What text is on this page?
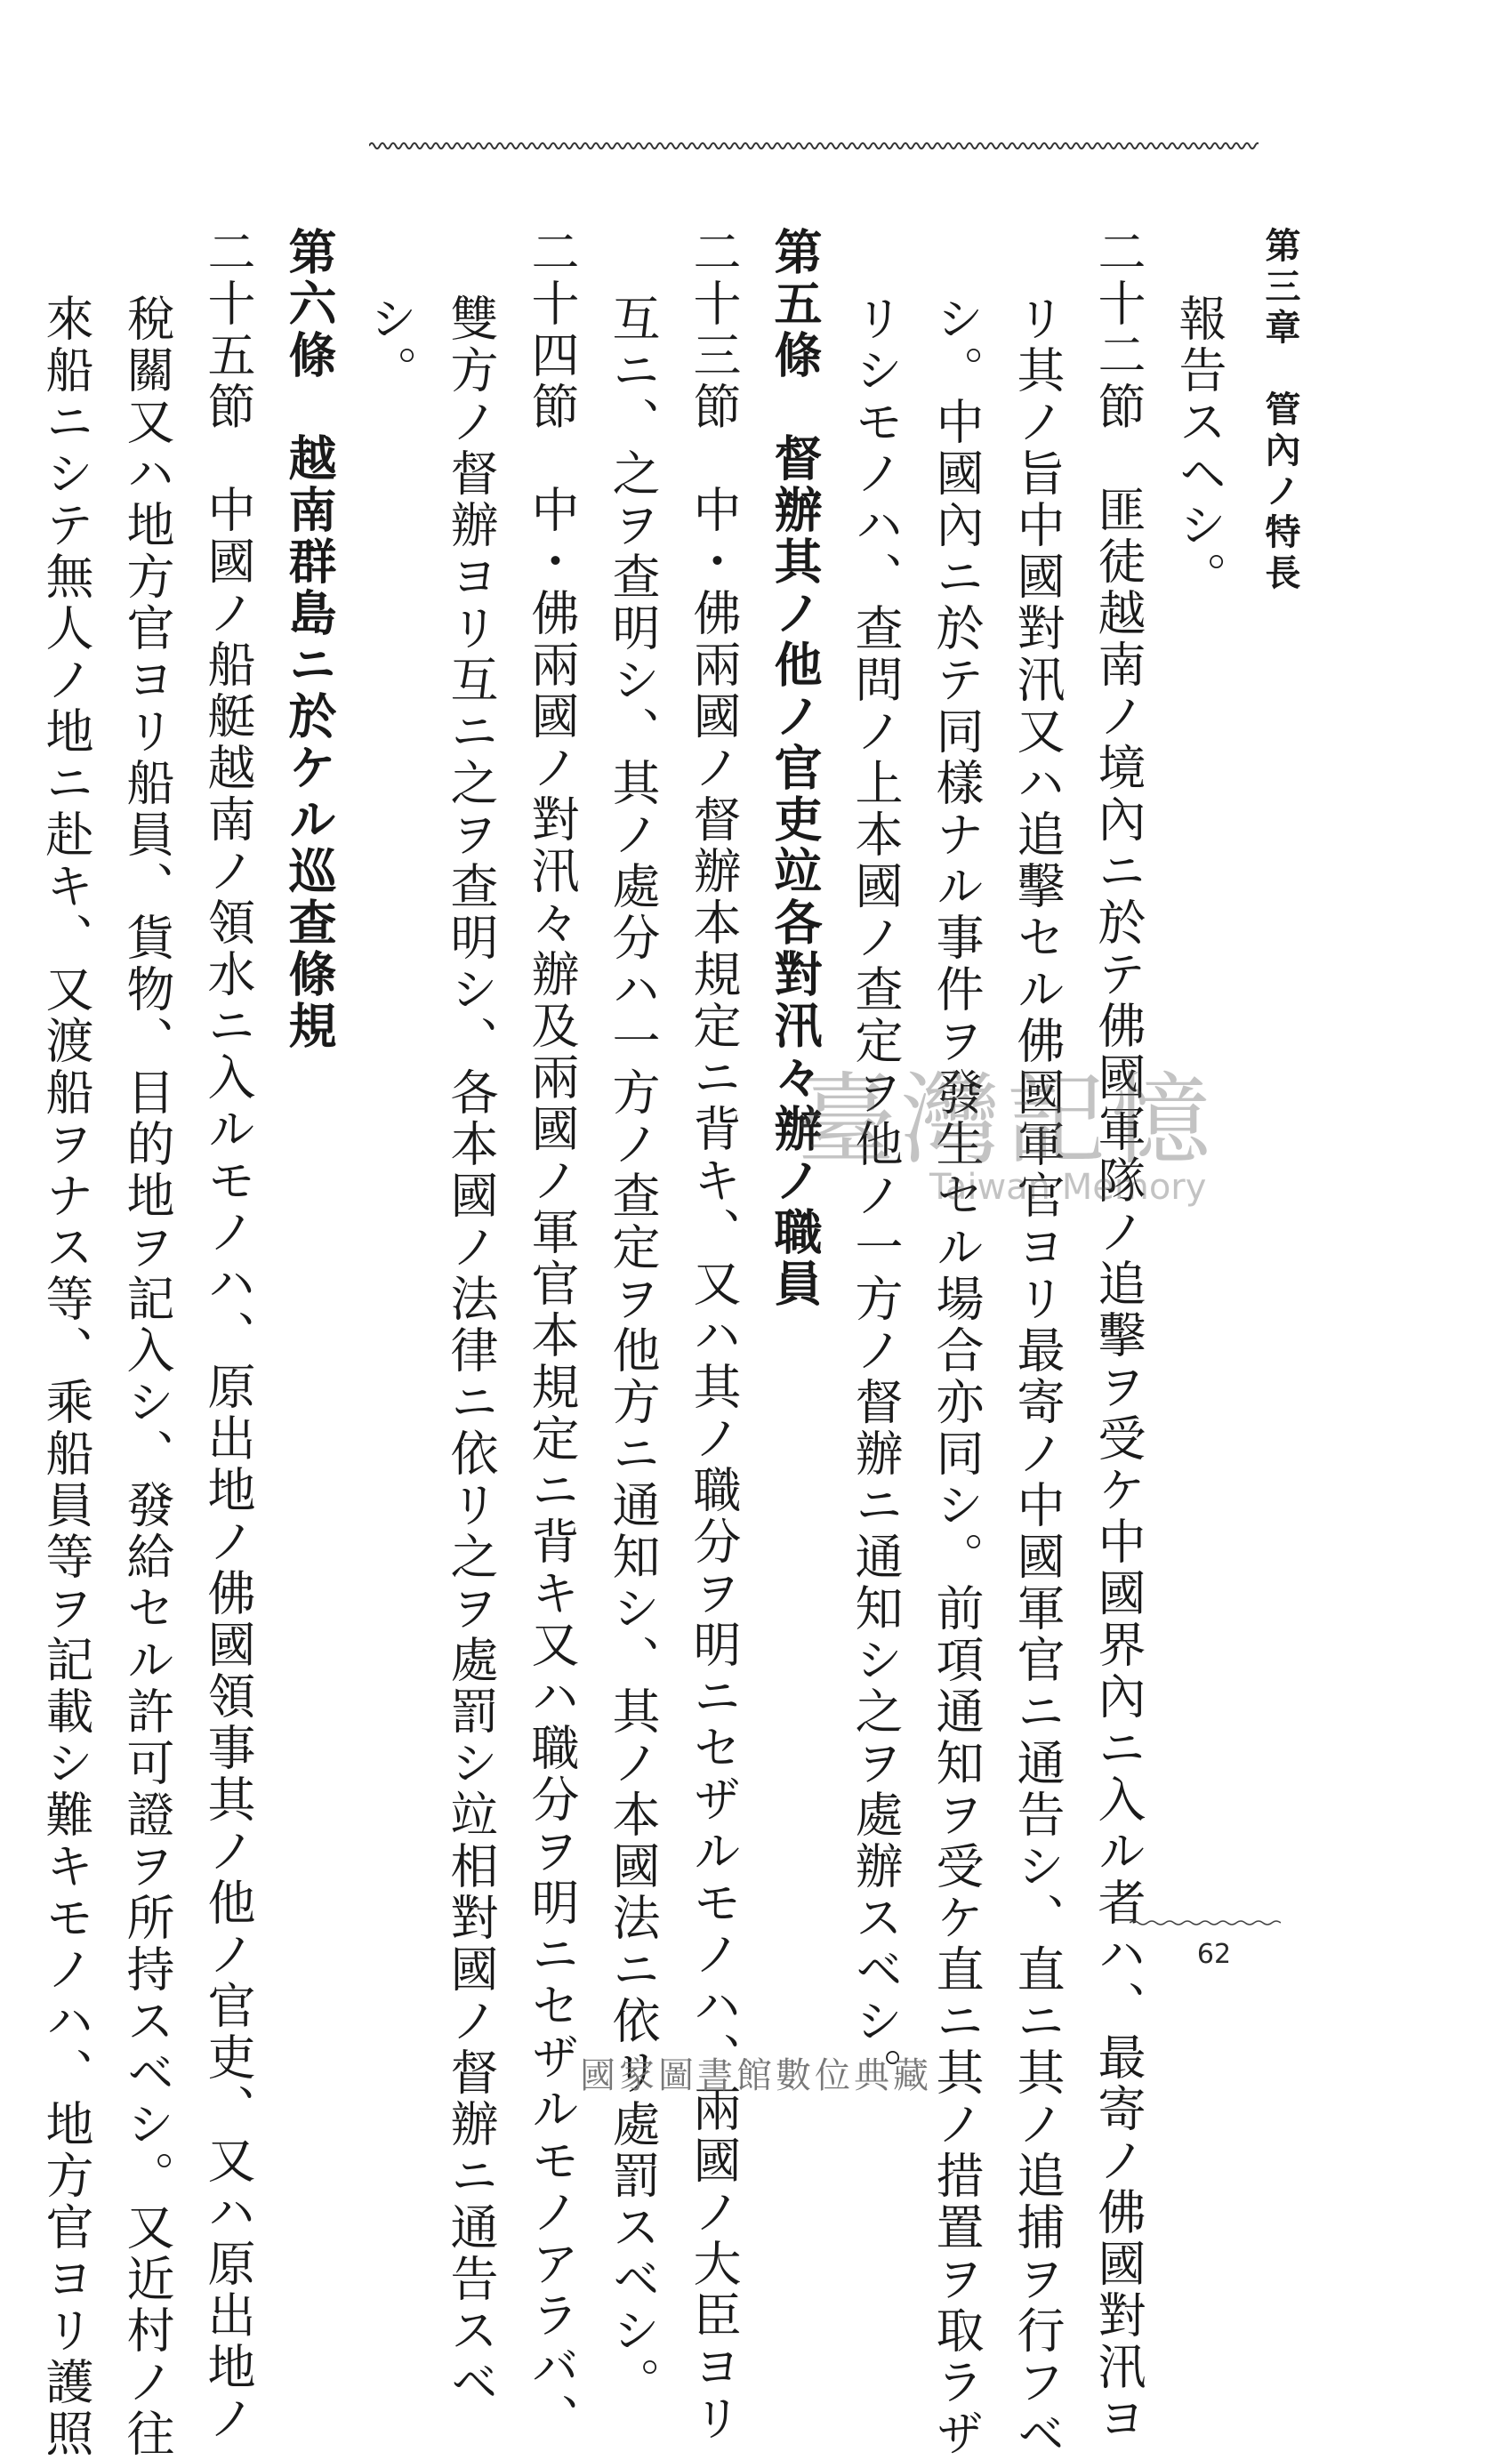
第三章　管內ノ特長
報告スヘシ。
二十二節　匪徒越南ノ境內ニ於テ佛國軍隊ノ追擊ヲ受ケ中國界內ニ入ル者ハ、最寄ノ佛國對汛ヨ
リ其ノ旨中國對汛又ハ追擊セル佛國軍官ヨリ最寄ノ中國軍官ニ通告シ、直ニ其ノ追捕ヲ行フベ
シ。中國內ニ於テ同樣ナル事件ヲ發生セル場合亦同シ。前項通知ヲ受ケ直ニ其ノ措置ヲ取ラザ
リシモノハ、查問ノ上本國ノ查定ヲ他ノ一方ノ督辦ニ通知シ之ヲ處辦スベシ。
第五條　督辦其ノ他ノ官吏竝各對汛々辦ノ職員
二十三節　中・佛兩國ノ督辦本規定ニ背キ、又ハ其ノ職分ヲ明ニセザルモノハ、兩國ノ大臣ヨリ
互ニ、之ヲ查明シ、其ノ處分ハ一方ノ查定ヲ他方ニ通知シ、其ノ本國法ニ依リ處罰スベシ。
二十四節　中・佛兩國ノ對汛々辦及兩國ノ軍官本規定ニ背キ又ハ職分ヲ明ニセザルモノアラバ、
雙方ノ督辦ヨリ互ニ之ヲ查明シ、各本國ノ法律ニ依リ之ヲ處罰シ竝相對國ノ督辦ニ通告スベ
シ。
第六條　越南群島ニ於ケル巡查條規
二十五節　中國ノ船艇越南ノ領水ニ入ルモノハ、原出地ノ佛國領事其ノ他ノ官吏、又ハ原出地ノ
稅關又ハ地方官ヨリ船員、貨物、目的地ヲ記入シ、發給セル許可證ヲ所持スベシ。又近村ノ往
來船ニシテ無人ノ地ニ赴キ、又渡船ヲナス等、乘船員等ヲ記載シ難キモノハ、地方官ヨリ護照	62
臺灣記憶
Taiwan Memory
國家圖書館數位典藏
